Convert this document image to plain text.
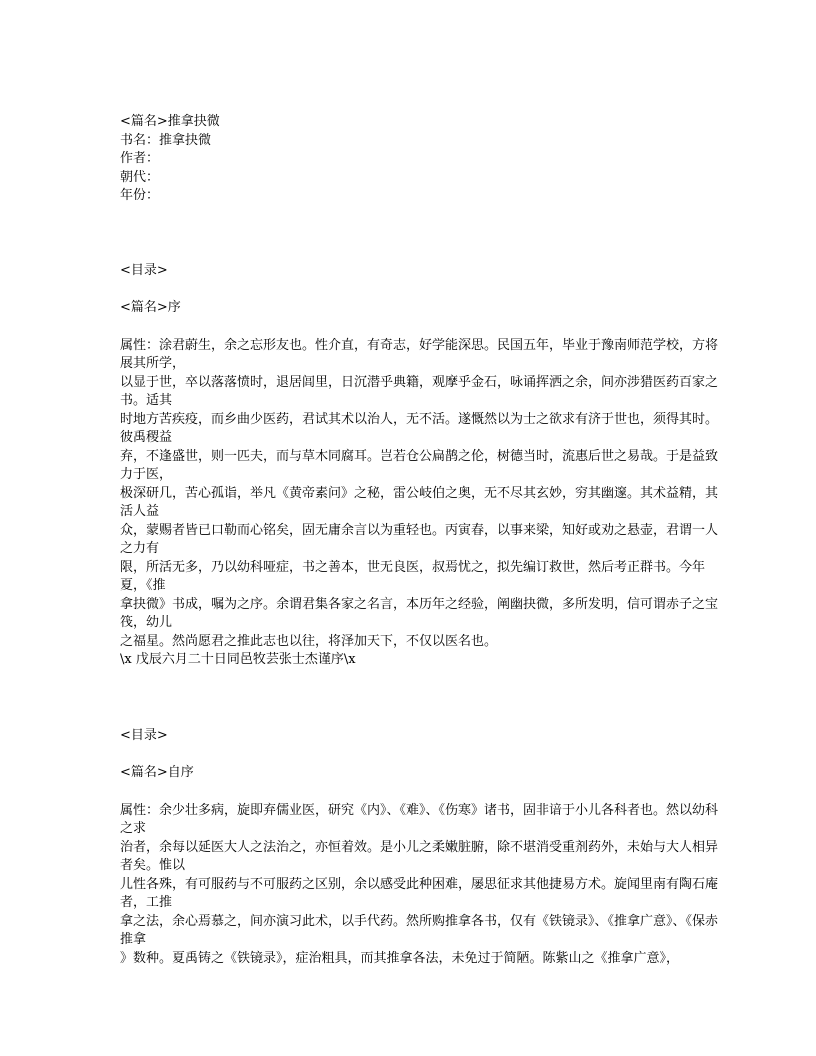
<篇名>推拿抉微
书名：推拿抉微
作者：
朝代：
年份：
<目录>
<篇名>序
属性：涂君蔚生，余之忘形友也。性介直，有奇志，好学能深思。民国五年，毕业于豫南师范学校，方将展其所学，
以显于世，卒以落落愤时，退居闾里，日沉潜乎典籍，观摩乎金石，咏诵挥洒之余，间亦涉猎医药百家之书。适其
时地方苦疾疫，而乡曲少医药，君试其术以治人，无不活。遂慨然以为士之欲求有济于世也，须得其时。彼禹稷益
弃，不逢盛世，则一匹夫，而与草木同腐耳。岂若仓公扁鹊之伦，树德当时，流惠后世之易哉。于是益致力于医，
极深研几，苦心孤诣，举凡《黄帝素问》之秘，雷公岐伯之奥，无不尽其玄妙，穷其幽邃。其术益精，其活人益
众，蒙赐者皆已口勒而心铭矣，固无庸余言以为重轻也。丙寅春，以事来梁，知好或劝之悬壶，君谓一人之力有
限，所活无多，乃以幼科哑症，书之善本，世无良医，叔焉忧之，拟先编订救世，然后考正群书。今年夏，《推
拿抉微》书成，嘱为之序。余谓君集各家之名言，本历年之经验，阐幽抉微，多所发明，信可谓赤子之宝筏，幼儿
之福星。然尚愿君之推此志也以往，将泽加天下，不仅以医名也。
\x 戊辰六月二十日同邑牧芸张士杰谨序\x
<目录>
<篇名>自序
属性：余少壮多病，旋即弃儒业医，研究《内》、《难》、《伤寒》诸书，固非谙于小儿各科者也。然以幼科之求
治者，余每以延医大人之法治之，亦恒着效。是小儿之柔嫩脏腑，除不堪消受重剂药外，未始与大人相异者矣。惟以
儿性各殊，有可服药与不可服药之区别，余以感受此种困难，屡思征求其他捷易方术。旋闻里南有陶石庵者，工推
拿之法，余心焉慕之，间亦演习此术，以手代药。然所购推拿各书，仅有《铁镜录》、《推拿广意》、《保赤推拿
》数种。夏禹铸之《铁镜录》，症治粗具，而其推拿各法，未免过于简陋。陈紫山之《推拿广意》，
